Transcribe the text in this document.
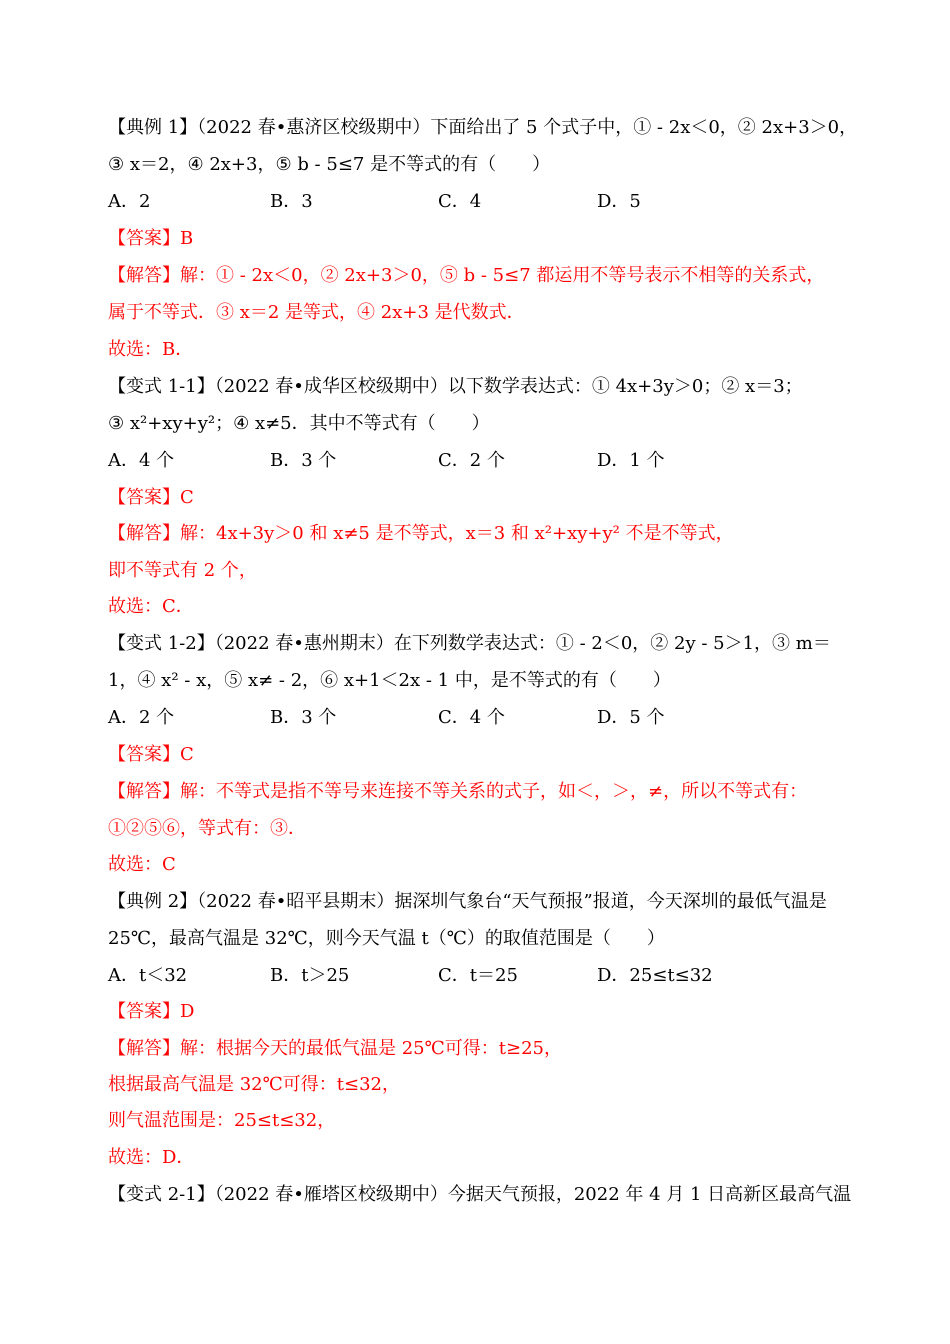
【典例 1】（2022 春•惠济区校级期中）下面给出了 5 个式子中，① - 2x＜0，② 2x+3＞0，
③ x＝2，④ 2x+3，⑤ b - 5≤7 是不等式的有（　　）
A．2	B．3	C．4	D．5
【答案】B
【解答】解：① - 2x＜0，② 2x+3＞0，⑤ b - 5≤7 都运用不等号表示不相等的关系式，
属于不等式．③ x＝2 是等式，④ 2x+3 是代数式．
故选：B．
【变式 1-1】（2022 春•成华区校级期中）以下数学表达式：① 4x+3y＞0；② x＝3；
③ x²+xy+y²；④ x≠5．其中不等式有（　　）
A．4 个	B．3 个	C．2 个	D．1 个
【答案】C
【解答】解：4x+3y＞0 和 x≠5 是不等式，x＝3 和 x²+xy+y² 不是不等式，
即不等式有 2 个，
故选：C．
【变式 1-2】（2022 春•惠州期末）在下列数学表达式：① - 2＜0，② 2y - 5＞1，③ m＝
1，④ x² - x，⑤ x≠ - 2，⑥ x+1＜2x - 1 中，是不等式的有（　　）
A．2 个	B．3 个	C．4 个	D．5 个
【答案】C
【解答】解：不等式是指不等号来连接不等关系的式子，如＜，＞，≠，所以不等式有：
①②⑤⑥，等式有：③．
故选：C
【典例 2】（2022 春•昭平县期末）据深圳气象台“天气预报”报道，今天深圳的最低气温是
25℃，最高气温是 32℃，则今天气温 t（℃）的取值范围是（　　）
A．t＜32	B．t＞25	C．t＝25	D．25≤t≤32
【答案】D
【解答】解：根据今天的最低气温是 25℃可得：t≥25，
根据最高气温是 32℃可得：t≤32，
则气温范围是：25≤t≤32，
故选：D．
【变式 2-1】（2022 春•雁塔区校级期中）今据天气预报，2022 年 4 月 1 日高新区最高气温
